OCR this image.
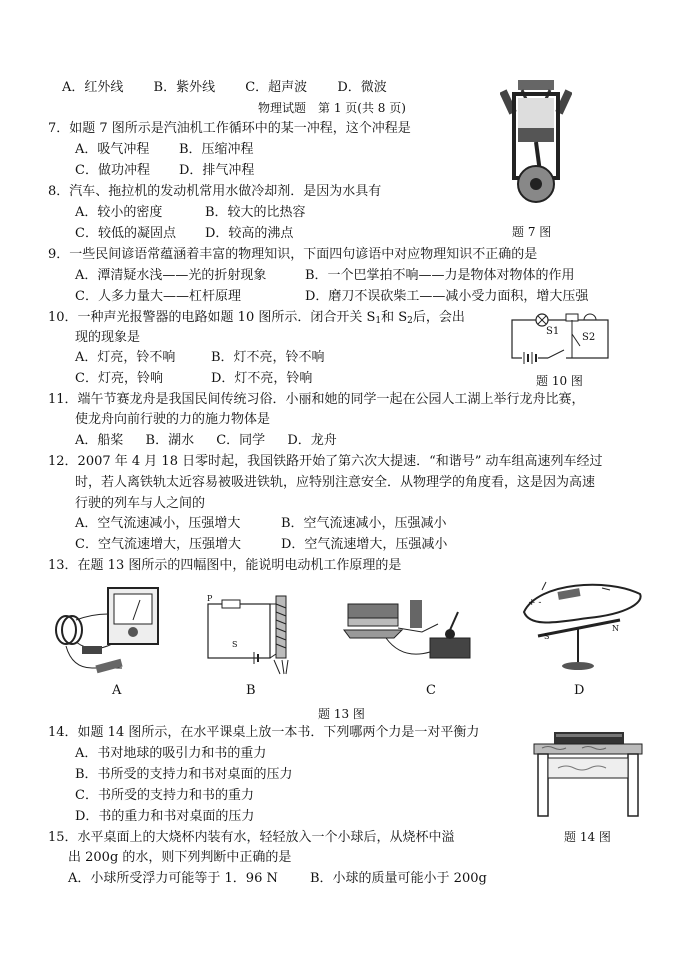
A．红外线 B．紫外线 C．超声波 D．微波
物理试题　第 1 页(共 8 页)
7．如题 7 图所示是汽油机工作循环中的某一冲程，这个冲程是
A．吸气冲程 B．压缩冲程
C．做功冲程 D．排气冲程
题 7 图
8．汽车、拖拉机的发动机常用水做冷却剂．是因为水具有
A．较小的密度	B．较大的比热容
C．较低的凝固点 D．较高的沸点
9．一些民间谚语常蕴涵着丰富的物理知识，下面四句谚语中对应物理知识不正确的是
A．潭清疑水浅——光的折射现象	B．一个巴掌拍不响——力是物体对物体的作用
C．人多力量大——杠杆原理	D．磨刀不误砍柴工——减小受力面积，增大压强
10．一种声光报警器的电路如题 10 图所示．闭合开关 $S_1$和 $S_2$后，会出
现的现象是
A．灯亮，铃不响	B．灯不亮，铃不响
C．灯亮，铃响	D．灯不亮，铃响
S1
S2
题 10 图
11．端午节赛龙舟是我国民间传统习俗．小丽和她的同学一起在公园人工湖上举行龙舟比赛，
使龙舟向前行驶的力的施力物体是
A．船桨 B．湖水 C．同学 D．龙舟
12．2007 年 4 月 18 日零时起，我国铁路开始了第六次大提速．“和谐号” 动车组高速列车经过
时，若人离铁轨太近容易被吸进铁轨，应特别注意安全．从物理学的角度看，这是因为高速
行驶的列车与人之间的
A．空气流速减小，压强增大	B．空气流速减小，压强减小
C．空气流速增大，压强增大	D．空气流速增大，压强减小
13．在题 13 图所示的四幅图中，能说明电动机工作原理的是
A
P
S
B	C
+ -
S
N
D
题 13 图
14．如题 14 图所示，在水平课桌上放一本书．下列哪两个力是一对平衡力
A．书对地球的吸引力和书的重力
B．书所受的支持力和书对桌面的压力
C．书所受的支持力和书的重力
D．书的重力和书对桌面的压力
题 14 图
15．水平桌面上的大烧杯内装有水，轻轻放入一个小球后，从烧杯中溢
出 200g 的水，则下列判断中正确的是
A．小球所受浮力可能等于 1．96 N B．小球的质量可能小于 200g
